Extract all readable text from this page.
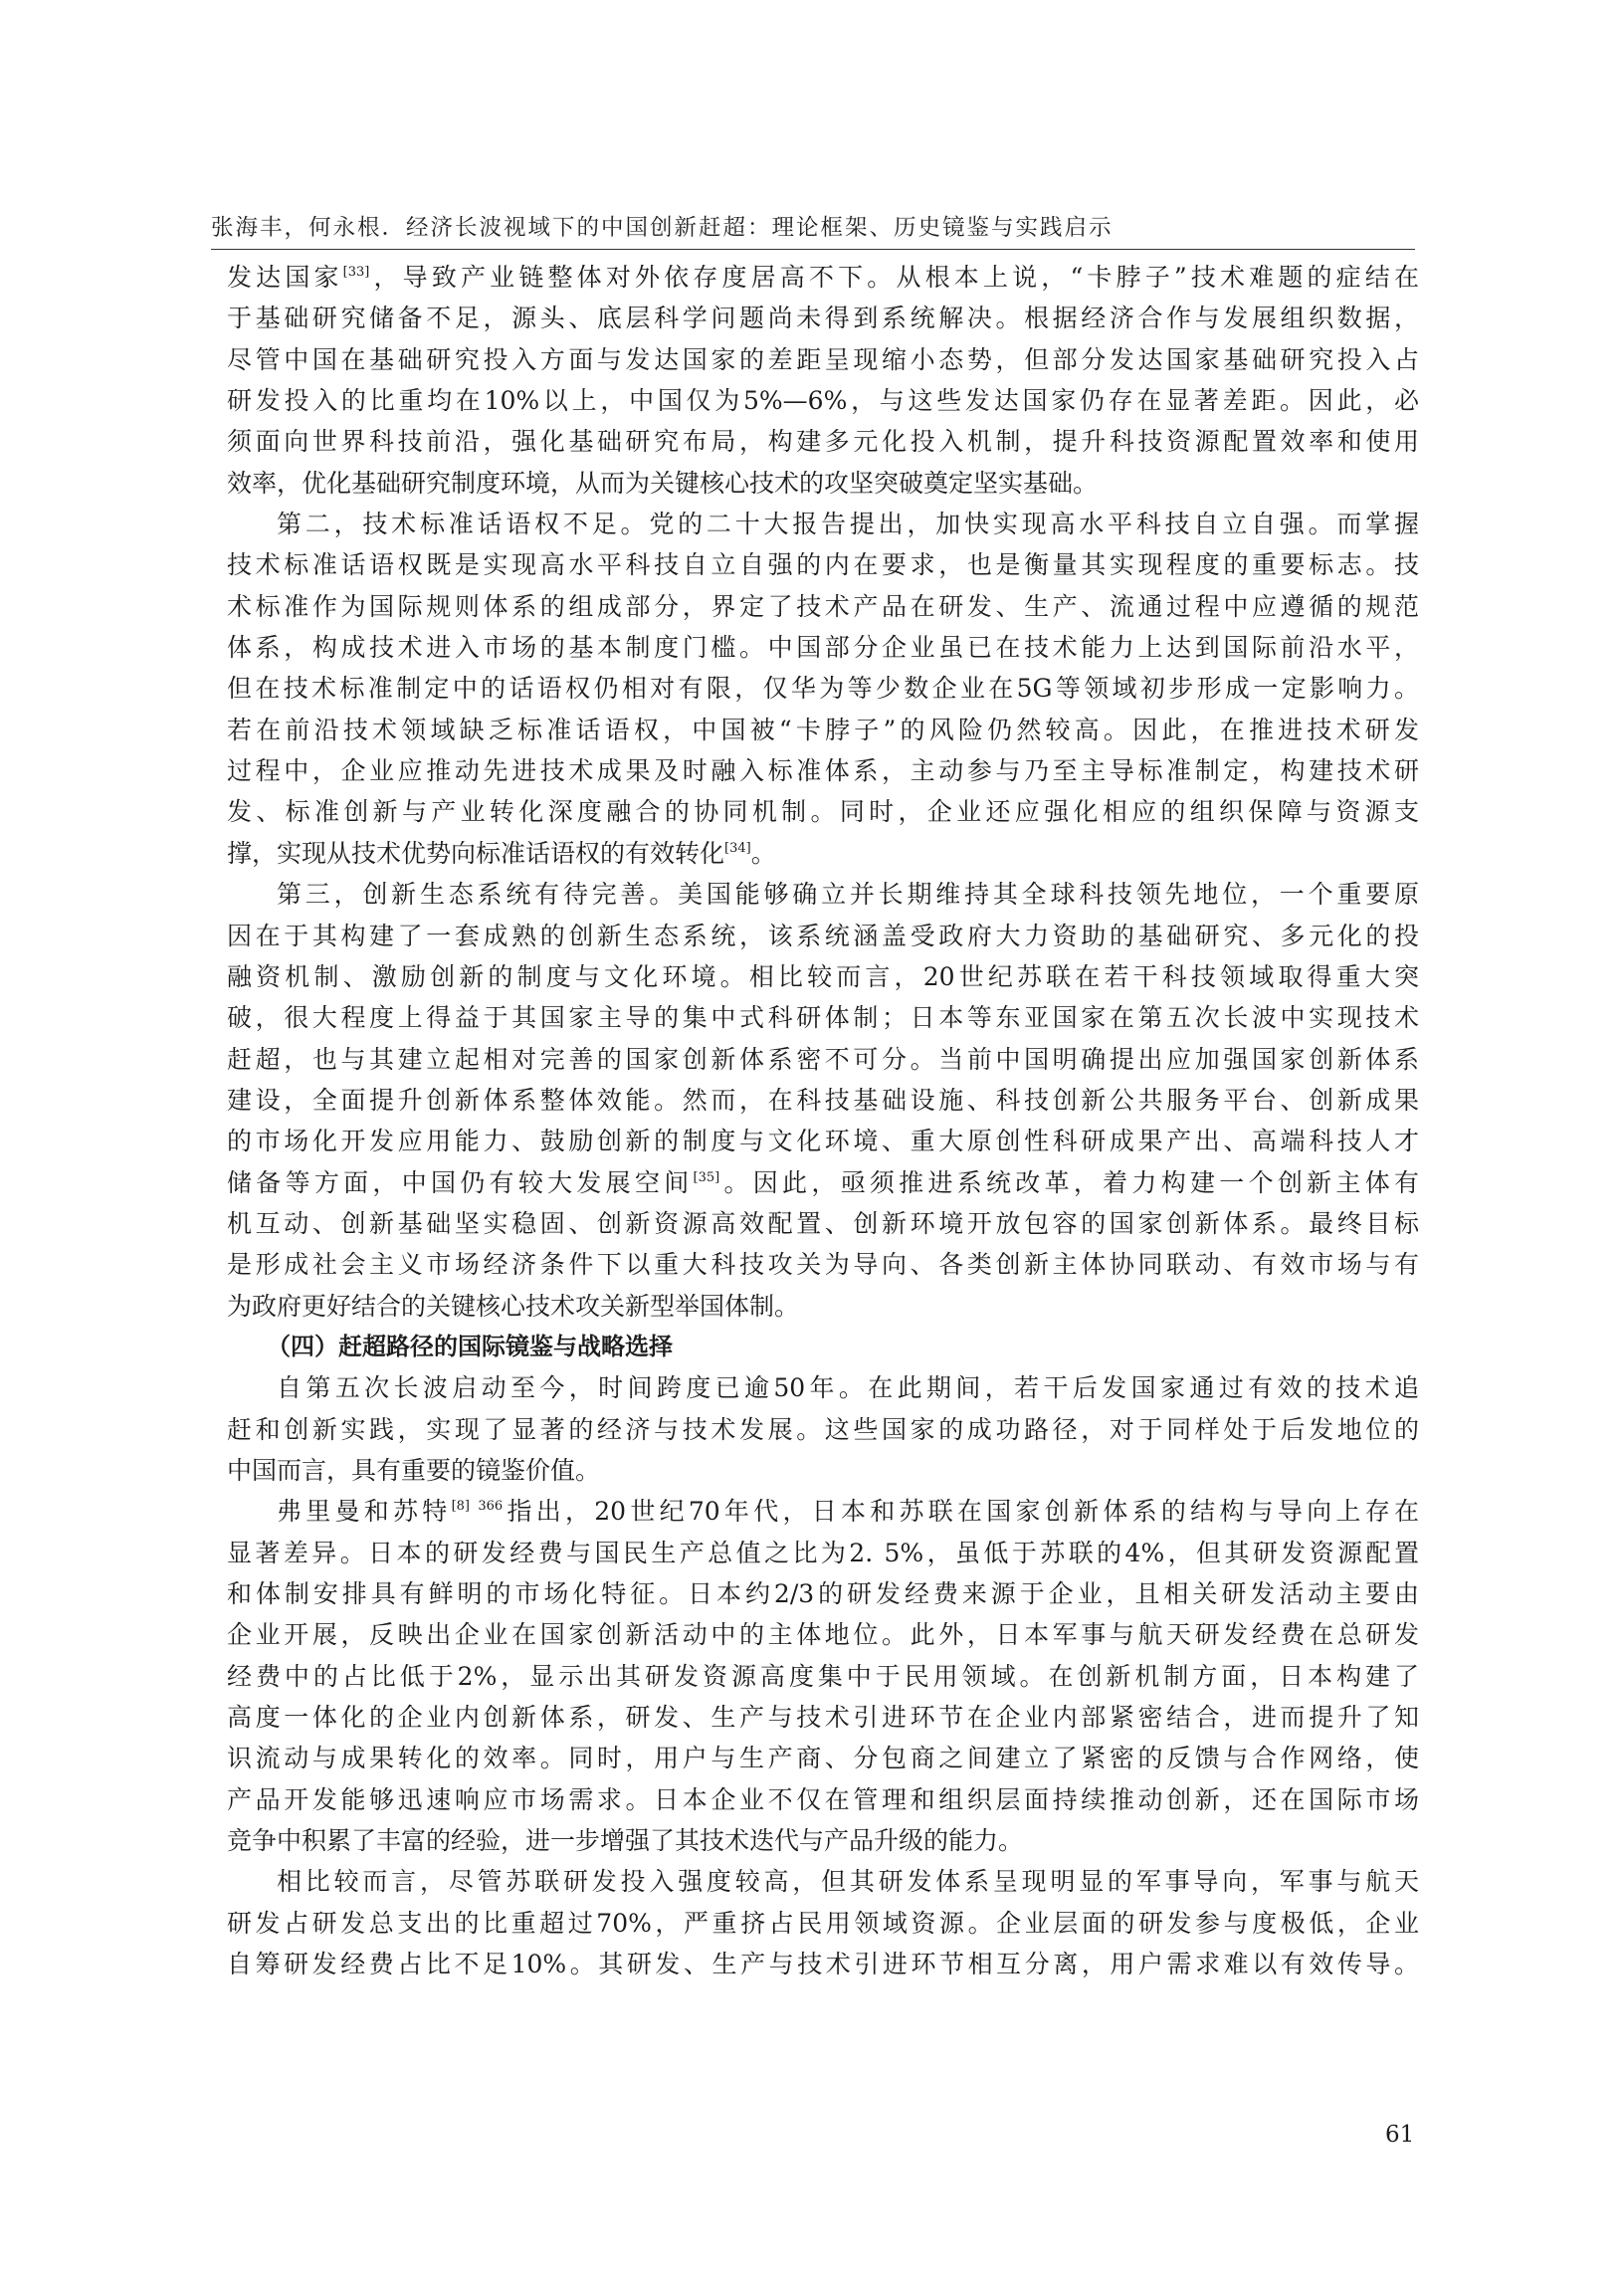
张海丰，何永根．经济长波视域下的中国创新赶超：理论框架、历史镜鉴与实践启示
发达国家[33]，导致产业链整体对外依存度居高不下。从根本上说，“卡脖子”技术难题的症结在
于基础研究储备不足，源头、底层科学问题尚未得到系统解决。根据经济合作与发展组织数据，
尽管中国在基础研究投入方面与发达国家的差距呈现缩小态势，但部分发达国家基础研究投入占
研发投入的比重均在10%以上，中国仅为5%—6%，与这些发达国家仍存在显著差距。因此，必
须面向世界科技前沿，强化基础研究布局，构建多元化投入机制，提升科技资源配置效率和使用
效率，优化基础研究制度环境，从而为关键核心技术的攻坚突破奠定坚实基础。
第二，技术标准话语权不足。党的二十大报告提出，加快实现高水平科技自立自强。而掌握
技术标准话语权既是实现高水平科技自立自强的内在要求，也是衡量其实现程度的重要标志。技
术标准作为国际规则体系的组成部分，界定了技术产品在研发、生产、流通过程中应遵循的规范
体系，构成技术进入市场的基本制度门槛。中国部分企业虽已在技术能力上达到国际前沿水平，
但在技术标准制定中的话语权仍相对有限，仅华为等少数企业在5G等领域初步形成一定影响力。
若在前沿技术领域缺乏标准话语权，中国被“卡脖子”的风险仍然较高。因此，在推进技术研发
过程中，企业应推动先进技术成果及时融入标准体系，主动参与乃至主导标准制定，构建技术研
发、标准创新与产业转化深度融合的协同机制。同时，企业还应强化相应的组织保障与资源支
撑，实现从技术优势向标准话语权的有效转化[34]。
第三，创新生态系统有待完善。美国能够确立并长期维持其全球科技领先地位，一个重要原
因在于其构建了一套成熟的创新生态系统，该系统涵盖受政府大力资助的基础研究、多元化的投
融资机制、激励创新的制度与文化环境。相比较而言，20世纪苏联在若干科技领域取得重大突
破，很大程度上得益于其国家主导的集中式科研体制；日本等东亚国家在第五次长波中实现技术
赶超，也与其建立起相对完善的国家创新体系密不可分。当前中国明确提出应加强国家创新体系
建设，全面提升创新体系整体效能。然而，在科技基础设施、科技创新公共服务平台、创新成果
的市场化开发应用能力、鼓励创新的制度与文化环境、重大原创性科研成果产出、高端科技人才
储备等方面，中国仍有较大发展空间[35]。因此，亟须推进系统改革，着力构建一个创新主体有
机互动、创新基础坚实稳固、创新资源高效配置、创新环境开放包容的国家创新体系。最终目标
是形成社会主义市场经济条件下以重大科技攻关为导向、各类创新主体协同联动、有效市场与有
为政府更好结合的关键核心技术攻关新型举国体制。
（四）赶超路径的国际镜鉴与战略选择
自第五次长波启动至今，时间跨度已逾50年。在此期间，若干后发国家通过有效的技术追
赶和创新实践，实现了显著的经济与技术发展。这些国家的成功路径，对于同样处于后发地位的
中国而言，具有重要的镜鉴价值。
弗里曼和苏特$^{[8] 366}$指出，20世纪70年代，日本和苏联在国家创新体系的结构与导向上存在
显著差异。日本的研发经费与国民生产总值之比为2. 5%，虽低于苏联的4%，但其研发资源配置
和体制安排具有鲜明的市场化特征。日本约2/3的研发经费来源于企业，且相关研发活动主要由
企业开展，反映出企业在国家创新活动中的主体地位。此外，日本军事与航天研发经费在总研发
经费中的占比低于2%，显示出其研发资源高度集中于民用领域。在创新机制方面，日本构建了
高度一体化的企业内创新体系，研发、生产与技术引进环节在企业内部紧密结合，进而提升了知
识流动与成果转化的效率。同时，用户与生产商、分包商之间建立了紧密的反馈与合作网络，使
产品开发能够迅速响应市场需求。日本企业不仅在管理和组织层面持续推动创新，还在国际市场
竞争中积累了丰富的经验，进一步增强了其技术迭代与产品升级的能力。
相比较而言，尽管苏联研发投入强度较高，但其研发体系呈现明显的军事导向，军事与航天
研发占研发总支出的比重超过70%，严重挤占民用领域资源。企业层面的研发参与度极低，企业
自筹研发经费占比不足10%。其研发、生产与技术引进环节相互分离，用户需求难以有效传导。
61
